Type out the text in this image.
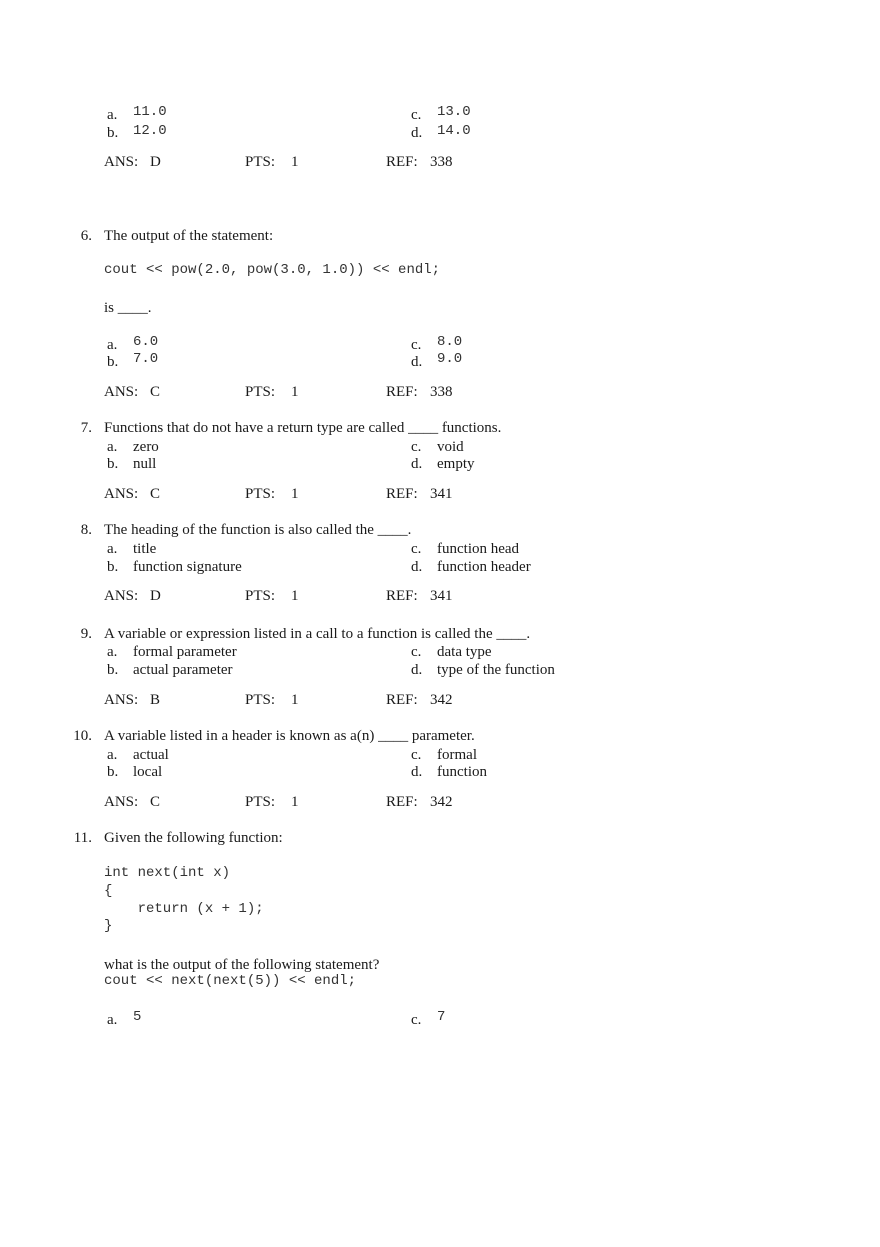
a. 11.0
b. 12.0
c. 13.0
d. 14.0
ANS: D	PTS: 1	REF: 338
6. The output of the statement:
cout << pow(2.0, pow(3.0, 1.0)) << endl;
is ____.
a. 6.0
b. 7.0
c. 8.0
d. 9.0
ANS: C	PTS: 1	REF: 338
7. Functions that do not have a return type are called ____ functions.
a. zero
b. null
c. void
d. empty
ANS: C	PTS: 1	REF: 341
8. The heading of the function is also called the ____.
a. title
b. function signature
c. function head
d. function header
ANS: D	PTS: 1	REF: 341
9. A variable or expression listed in a call to a function is called the ____.
a. formal parameter
b. actual parameter
c. data type
d. type of the function
ANS: B	PTS: 1	REF: 342
10. A variable listed in a header is known as a(n) ____ parameter.
a. actual
b. local
c. formal
d. function
ANS: C	PTS: 1	REF: 342
11. Given the following function:
int next(int x)
{
return (x + 1);
}
what is the output of the following statement?
cout << next(next(5)) << endl;
a. 5	c. 7
